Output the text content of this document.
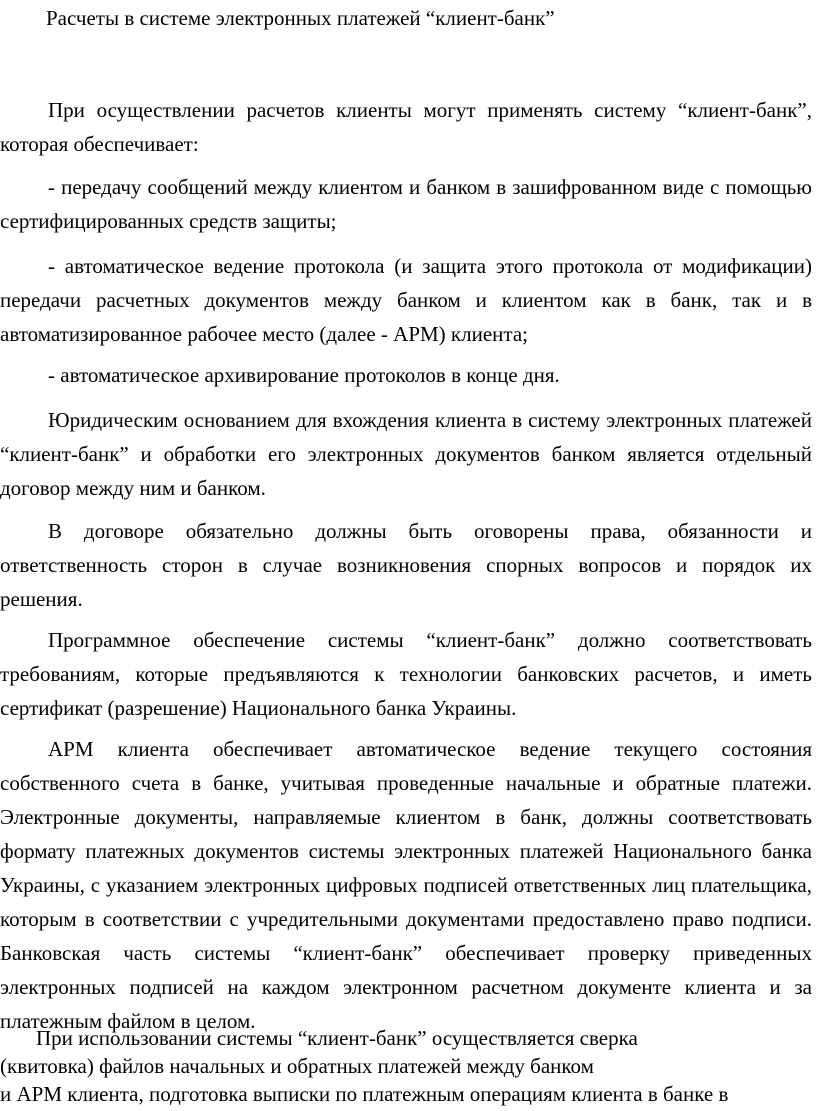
Расчеты в системе электронных платежей “клиент-банк”

При осуществлении расчетов клиенты могут применять систему “клиент-банк”, которая обеспечивает:

- передачу сообщений между клиентом и банком в зашифрованном виде с помощью сертифицированных средств защиты;

- автоматическое ведение протокола (и защита этого протокола от модификации) передачи расчетных документов между банком и клиентом как в банк, так и в автоматизированное рабочее место (далее - АРМ) клиента;

- автоматическое архивирование протоколов в конце дня.

Юридическим основанием для вхождения клиента в систему электронных платежей “клиент-банк” и обработки его электронных документов банком является отдельный договор между ним и банком.

В договоре обязательно должны быть оговорены права, обязанности и ответственность сторон в случае возникновения спорных вопросов и порядок их решения.

Программное обеспечение системы “клиент-банк” должно соответствовать требованиям, которые предъявляются к технологии банковских расчетов, и иметь сертификат (разрешение) Национального банка Украины.

АРМ клиента обеспечивает автоматическое ведение текущего состояния собственного счета в банке, учитывая проведенные начальные и обратные платежи. Электронные документы, направляемые клиентом в банк, должны соответствовать формату платежных документов системы электронных платежей Национального банка Украины, с указанием электронных цифровых подписей ответственных лиц плательщика, которым в соответствии с учредительными документами предоставлено право подписи. Банковская часть системы “клиент-банк” обеспечивает проверку приведенных электронных подписей на каждом электронном расчетном документе клиента и за платежным файлом в целом.

При использовании системы “клиент-банк” осуществляется сверка
(квитовка) файлов начальных и обратных платежей между банком
и АРМ клиента, подготовка выписки по платежным операциям клиента в банке в
